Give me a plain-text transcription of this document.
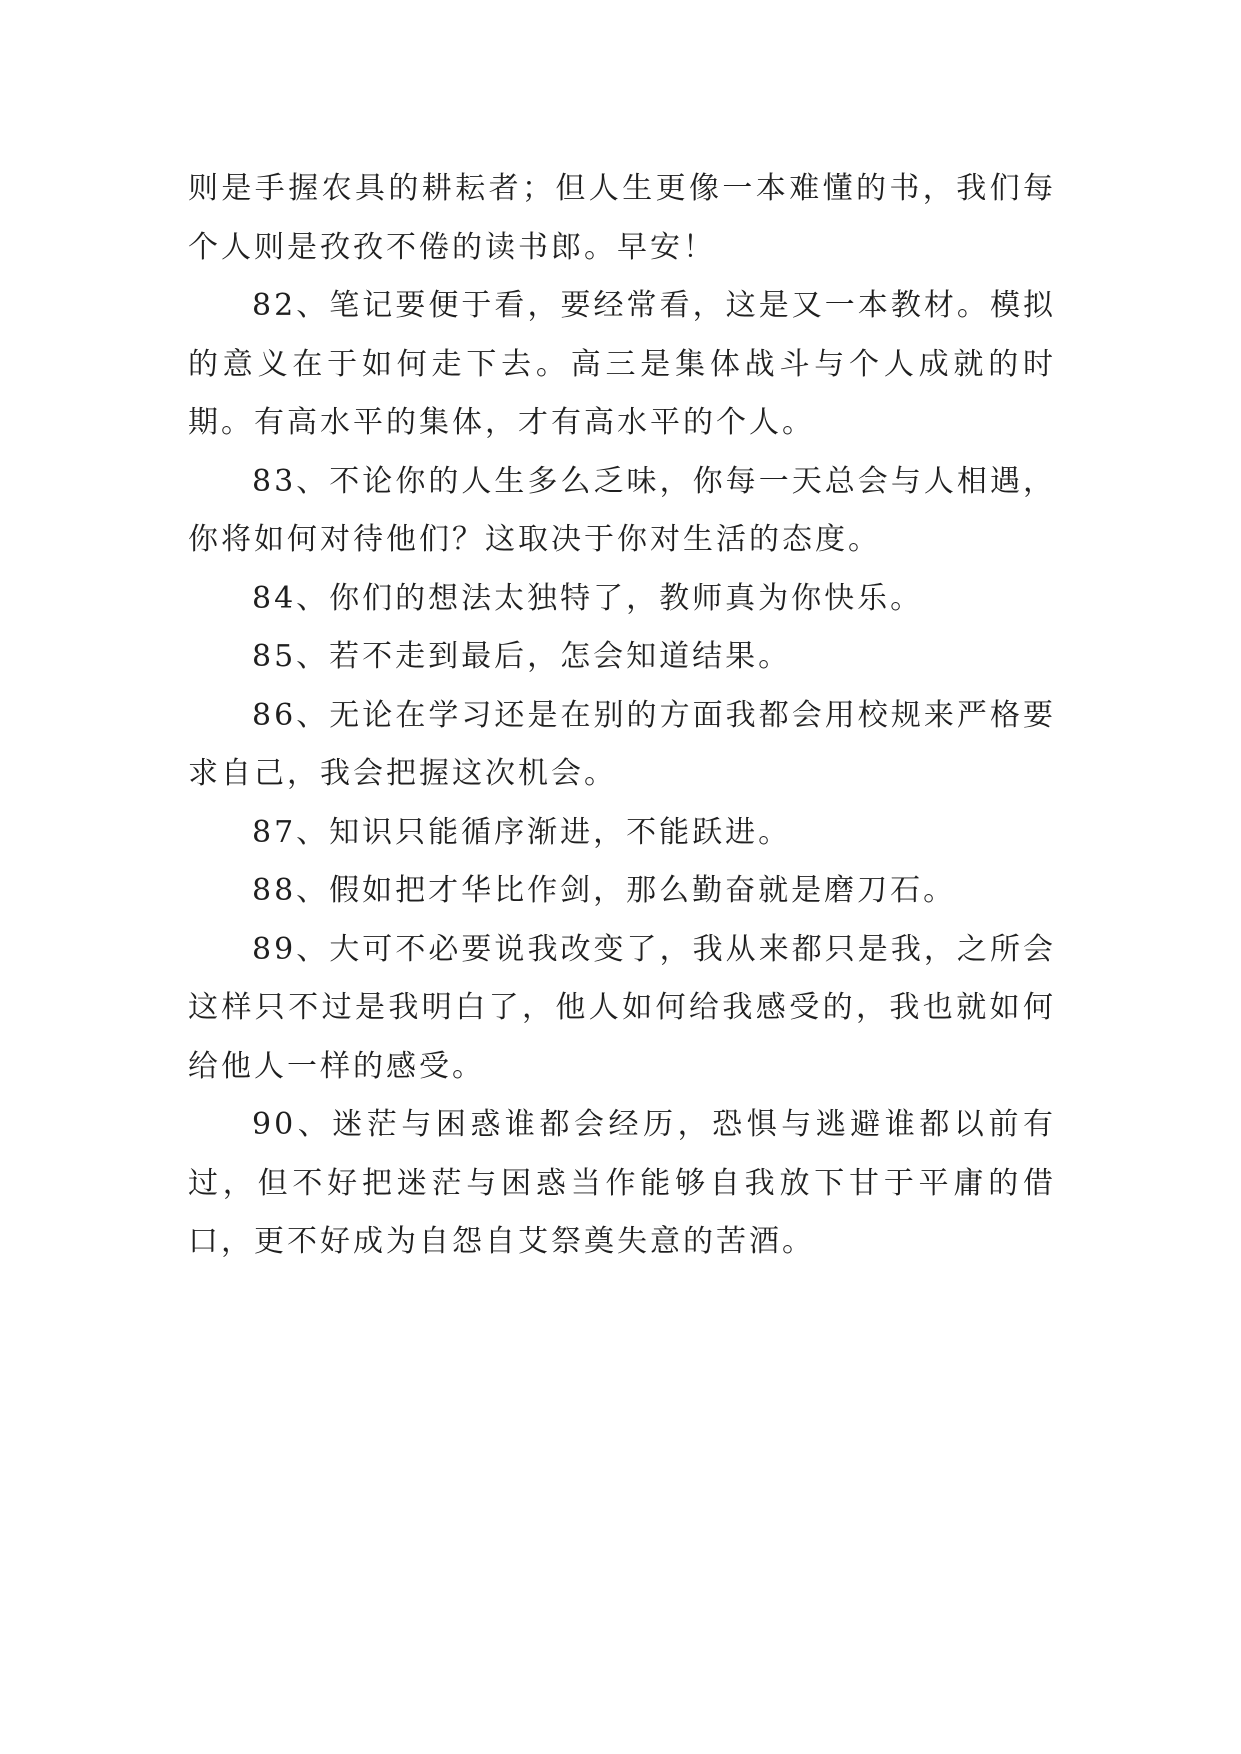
则是手握农具的耕耘者；但人生更像一本难懂的书，我们每个人则是孜孜不倦的读书郎。早安！

82、笔记要便于看，要经常看，这是又一本教材。模拟的意义在于如何走下去。高三是集体战斗与个人成就的时期。有高水平的集体，才有高水平的个人。

83、不论你的人生多么乏味，你每一天总会与人相遇，你将如何对待他们？这取决于你对生活的态度。

84、你们的想法太独特了，教师真为你快乐。

85、若不走到最后，怎会知道结果。

86、无论在学习还是在别的方面我都会用校规来严格要求自己，我会把握这次机会。

87、知识只能循序渐进，不能跃进。

88、假如把才华比作剑，那么勤奋就是磨刀石。

89、大可不必要说我改变了，我从来都只是我，之所会这样只不过是我明白了，他人如何给我感受的，我也就如何给他人一样的感受。

90、迷茫与困惑谁都会经历，恐惧与逃避谁都以前有过，但不好把迷茫与困惑当作能够自我放下甘于平庸的借口，更不好成为自怨自艾祭奠失意的苦酒。
